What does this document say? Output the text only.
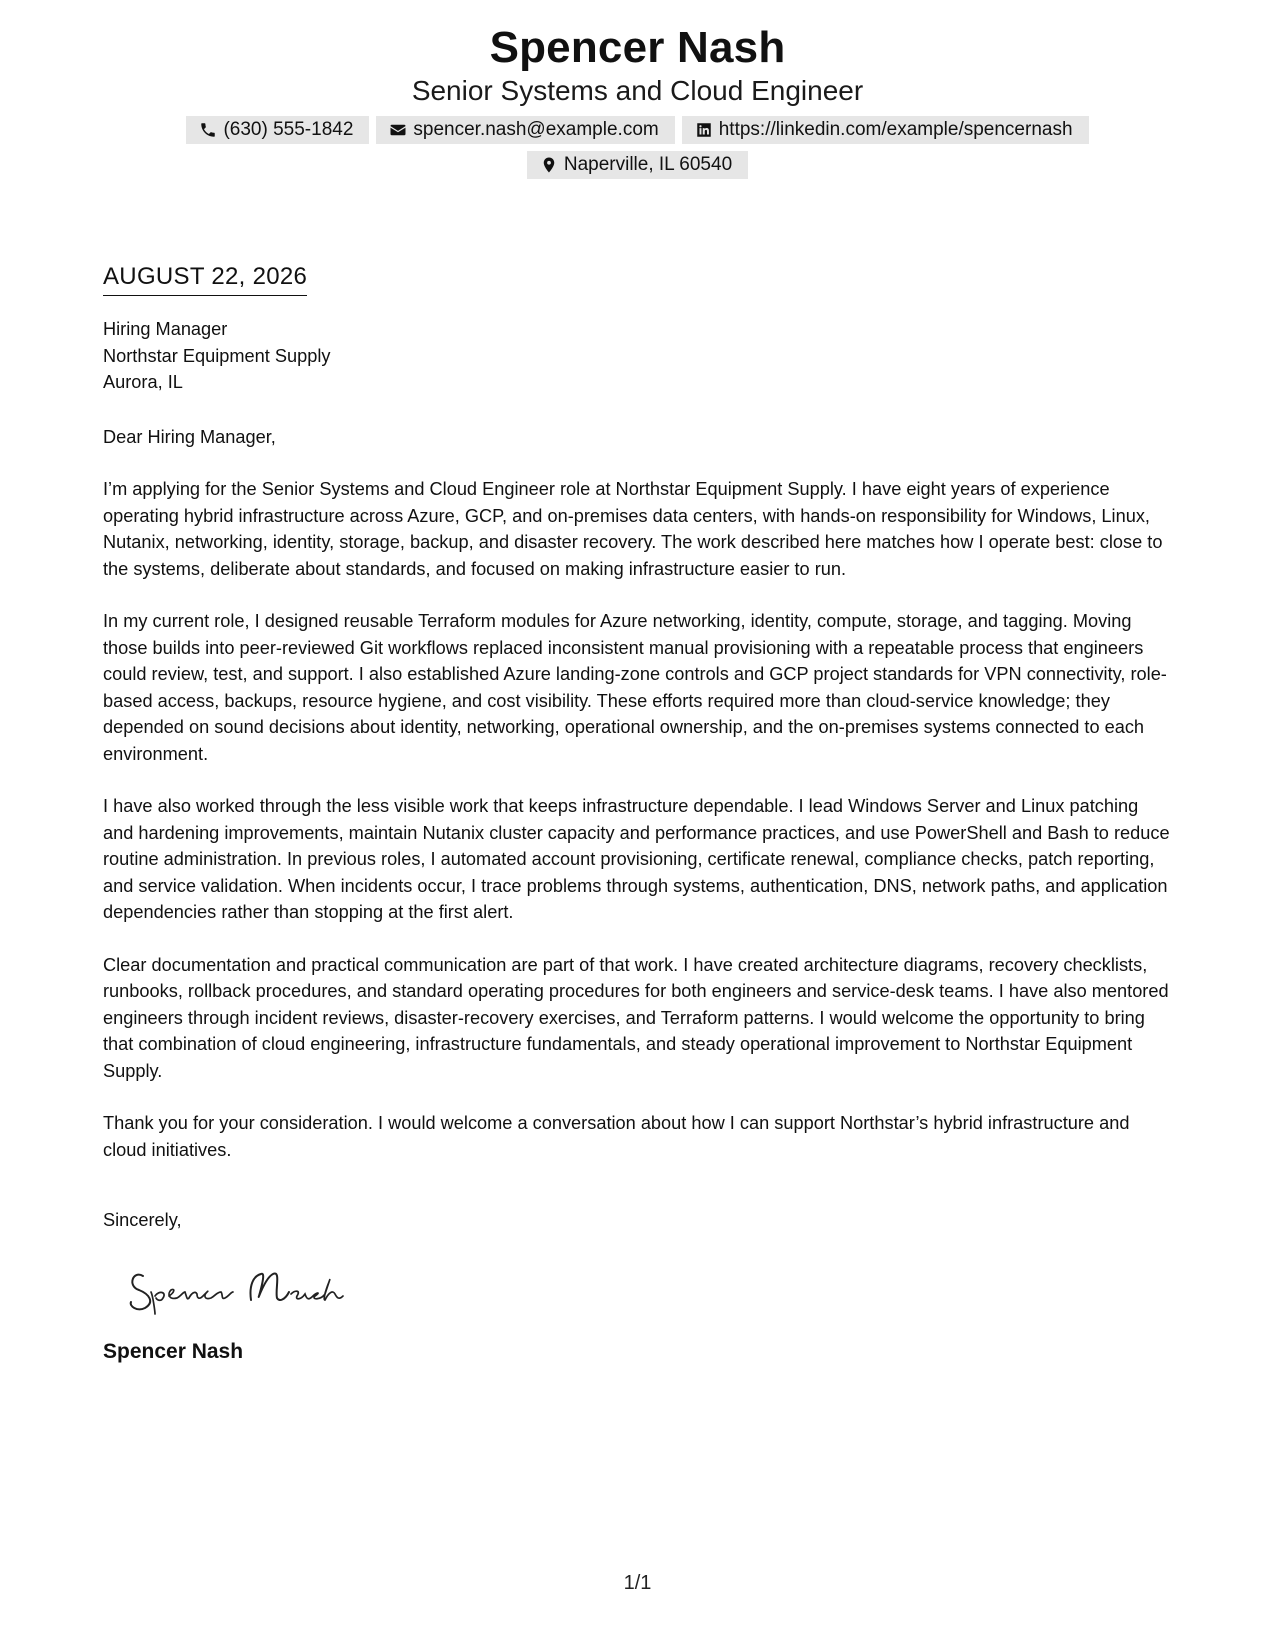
Spencer Nash
Senior Systems and Cloud Engineer
(630) 555-1842	spencer.nash@example.com	https://linkedin.com/example/spencernash
Naperville, IL 60540
AUGUST 22, 2026
Hiring Manager
Northstar Equipment Supply
Aurora, IL
Dear Hiring Manager,

I’m applying for the Senior Systems and Cloud Engineer role at Northstar Equipment Supply. I have eight years of experience operating hybrid infrastructure across Azure, GCP, and on-premises data centers, with hands-on responsibility for Windows, Linux, Nutanix, networking, identity, storage, backup, and disaster recovery. The work described here matches how I operate best: close to the systems, deliberate about standards, and focused on making infrastructure easier to run.

In my current role, I designed reusable Terraform modules for Azure networking, identity, compute, storage, and tagging. Moving those builds into peer-reviewed Git workflows replaced inconsistent manual provisioning with a repeatable process that engineers could review, test, and support. I also established Azure landing-zone controls and GCP project standards for VPN connectivity, role-based access, backups, resource hygiene, and cost visibility. These efforts required more than cloud-service knowledge; they depended on sound decisions about identity, networking, operational ownership, and the on-premises systems connected to each environment.

I have also worked through the less visible work that keeps infrastructure dependable. I lead Windows Server and Linux patching and hardening improvements, maintain Nutanix cluster capacity and performance practices, and use PowerShell and Bash to reduce routine administration. In previous roles, I automated account provisioning, certificate renewal, compliance checks, patch reporting, and service validation. When incidents occur, I trace problems through systems, authentication, DNS, network paths, and application dependencies rather than stopping at the first alert.

Clear documentation and practical communication are part of that work. I have created architecture diagrams, recovery checklists, runbooks, rollback procedures, and standard operating procedures for both engineers and service-desk teams. I have also mentored engineers through incident reviews, disaster-recovery exercises, and Terraform patterns. I would welcome the opportunity to bring that combination of cloud engineering, infrastructure fundamentals, and steady operational improvement to Northstar Equipment Supply.

Thank you for your consideration. I would welcome a conversation about how I can support Northstar’s hybrid infrastructure and cloud initiatives.

Sincerely,
Spencer Nash
1/1
